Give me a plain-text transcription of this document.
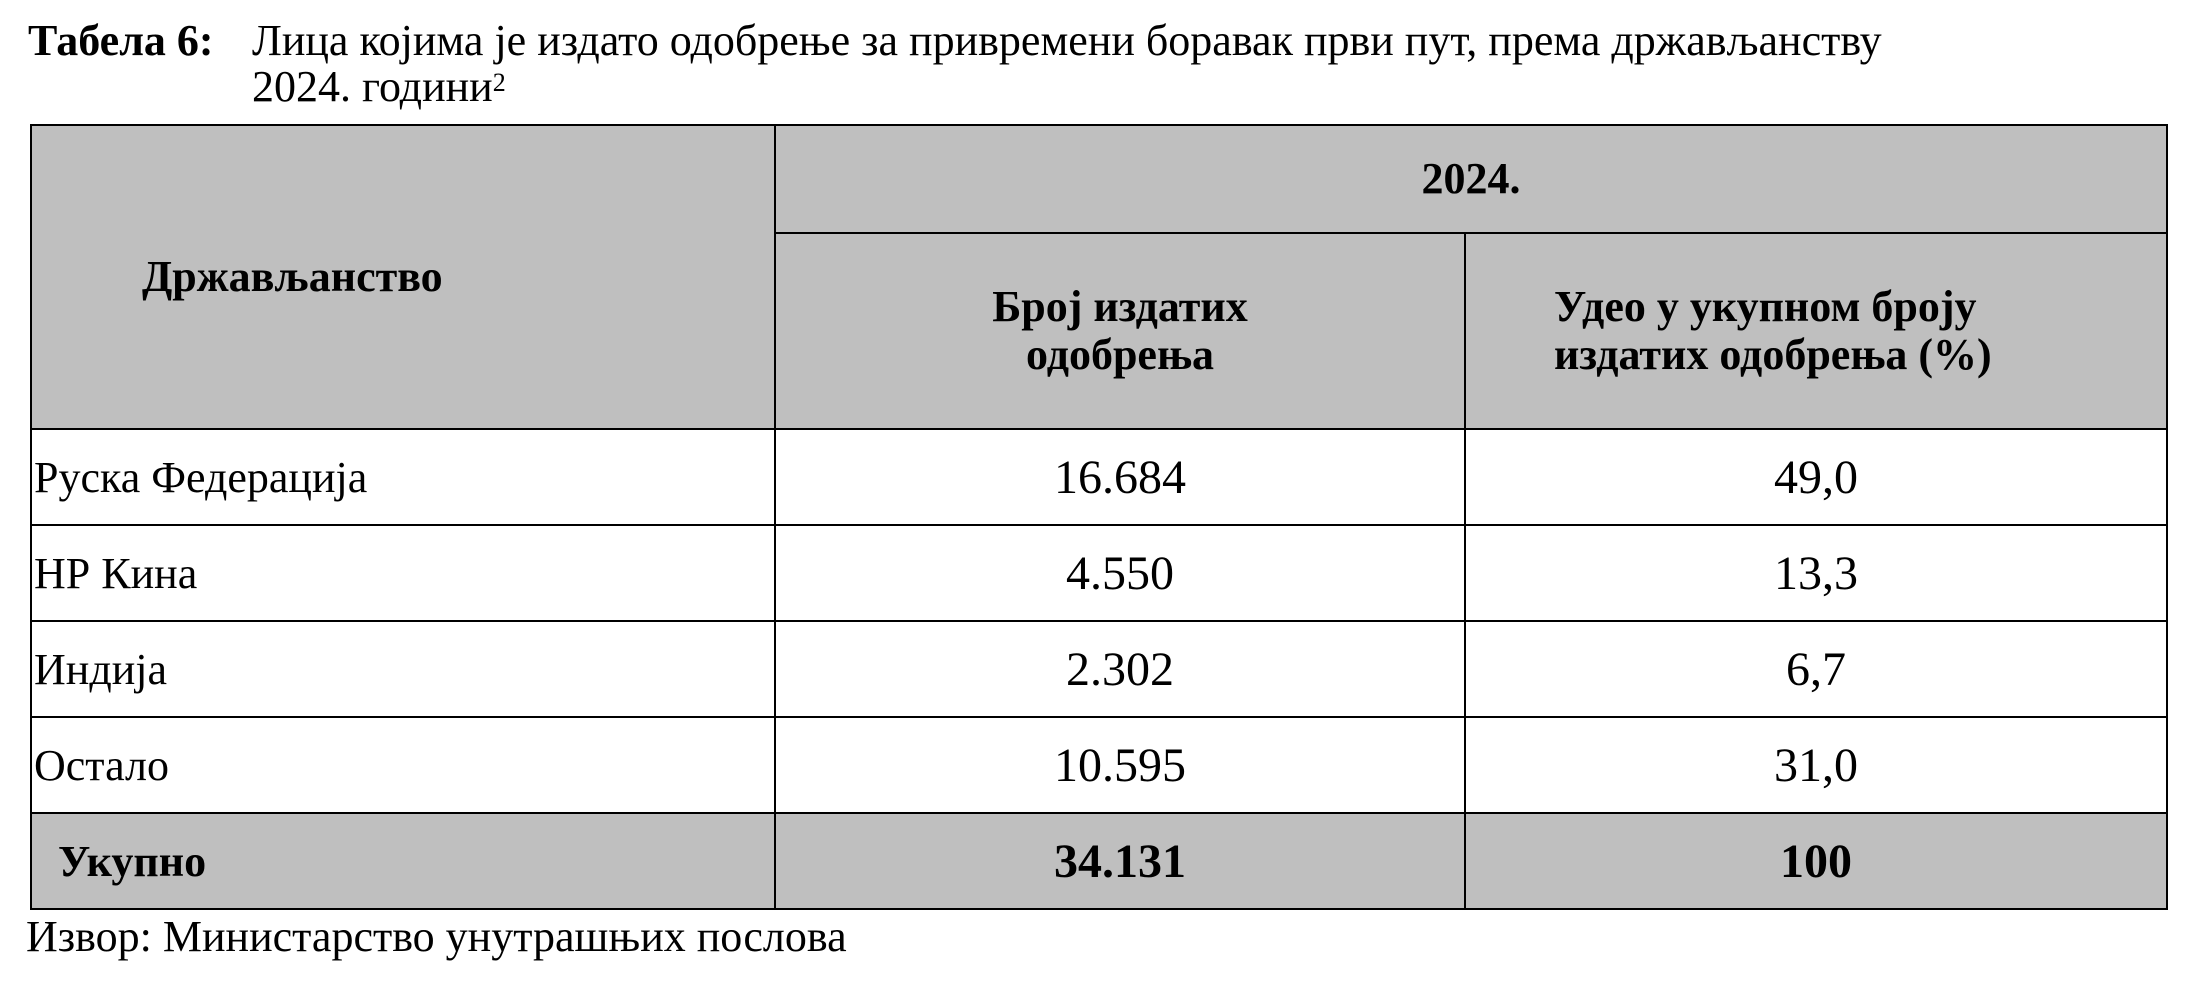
Табела 6: Лица којима је издато одобрење за привремени боравак први пут, према држављанству
2024. години$^2$
Држављанство	2024.	

	Број издатих одобрења	Удео у укупном броју издатих одобрења (%)

Руска Федерација	16.684	49,0
НР Кина	4.550	13,3
Индија	2.302	6,7
Остало	10.595	31,0
Укупно	34.131	100
Извор: Министарство унутрашњих послова
